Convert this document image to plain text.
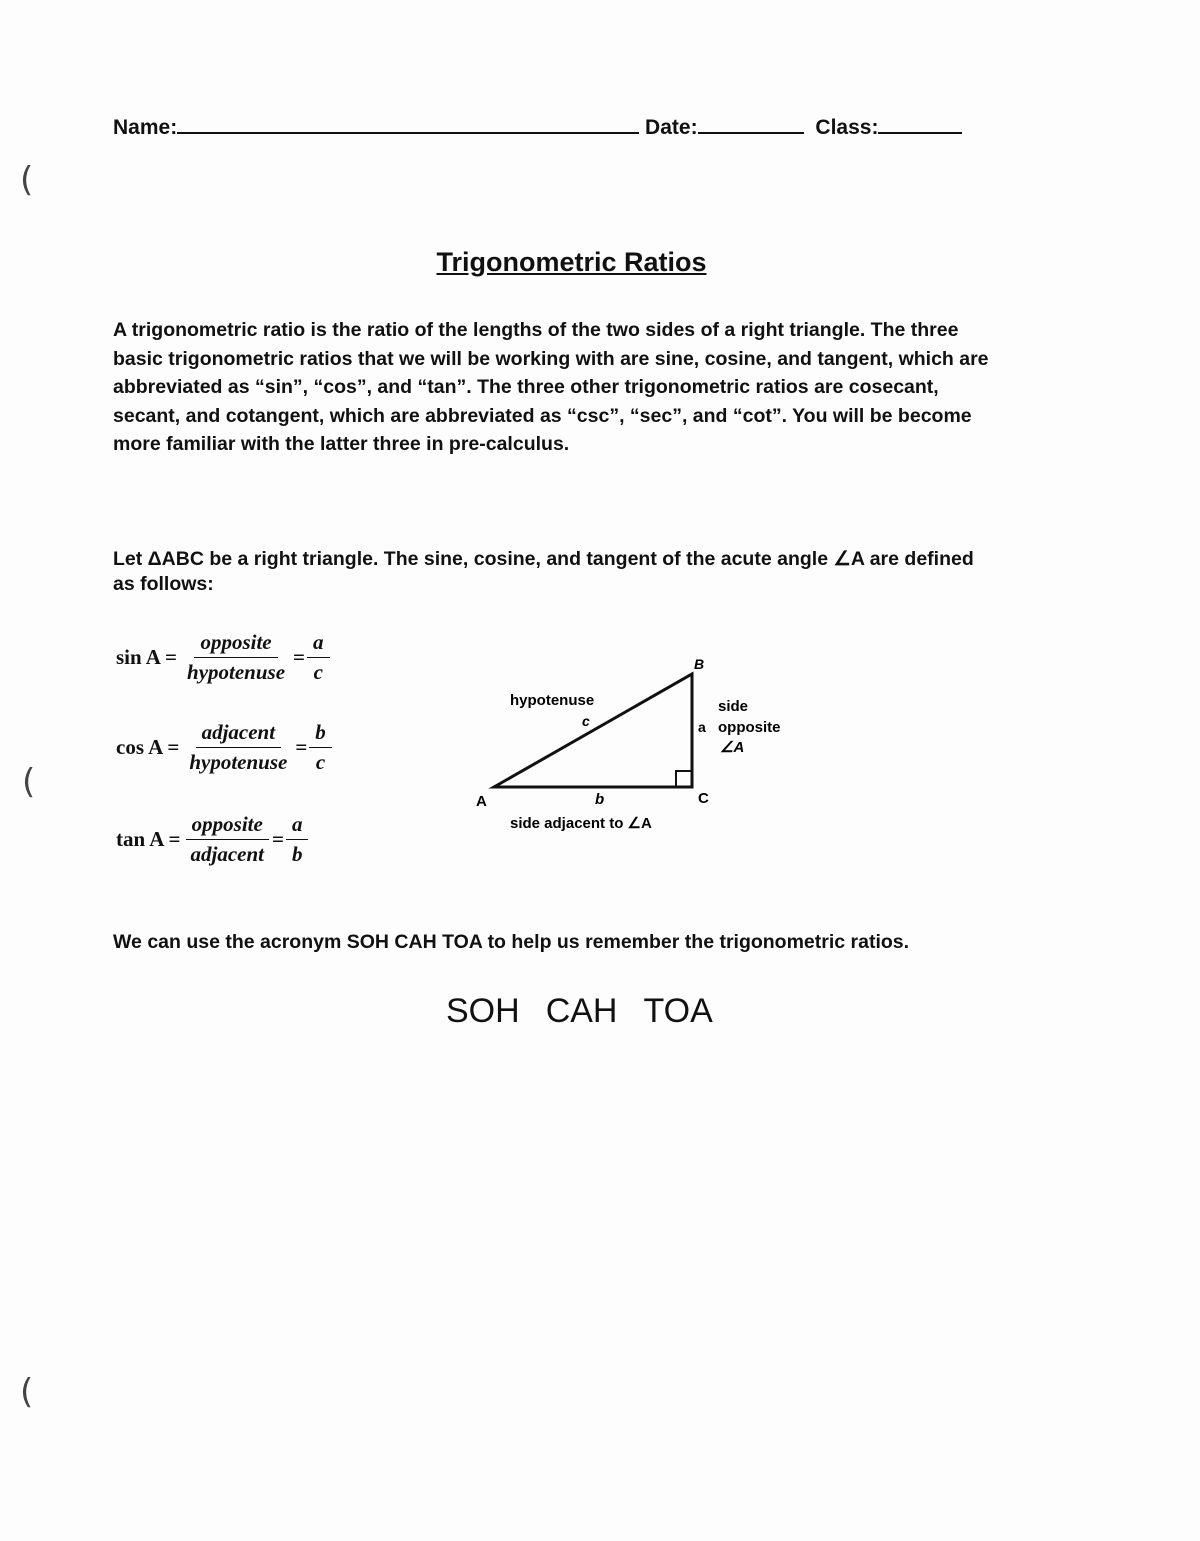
(
(
(
Name:	Date:	Class:
Trigonometric Ratios

A trigonometric ratio is the ratio of the lengths of the two sides of a right triangle. The three

basic trigonometric ratios that we will be working with are sine, cosine, and tangent, which are

abbreviated as “sin”, “cos”, and “tan”. The three other trigonometric ratios are cosecant,

secant, and cotangent, which are abbreviated as “csc”, “sec”, and “cot”. You will be become

more familiar with the latter three in pre-calculus.

Let ΔABC be a right triangle. The sine, cosine, and tangent of the acute angle ∠A are defined

as follows:

$\sin A = \frac{\text{opposite}}{\text{hypotenuse}} = \frac{a}{c}$
$\cos A = \frac{\text{adjacent}}{\text{hypotenuse}} = \frac{b}{c}$
$\tan A = \frac{\text{opposite}}{\text{adjacent}} = \frac{a}{b}$
A
B
C
hypotenuse
c	a
side
opposite
∠A
b
side adjacent to ∠A
We can use the acronym SOH CAH TOA to help us remember the trigonometric ratios.
SOH CAH TOA
